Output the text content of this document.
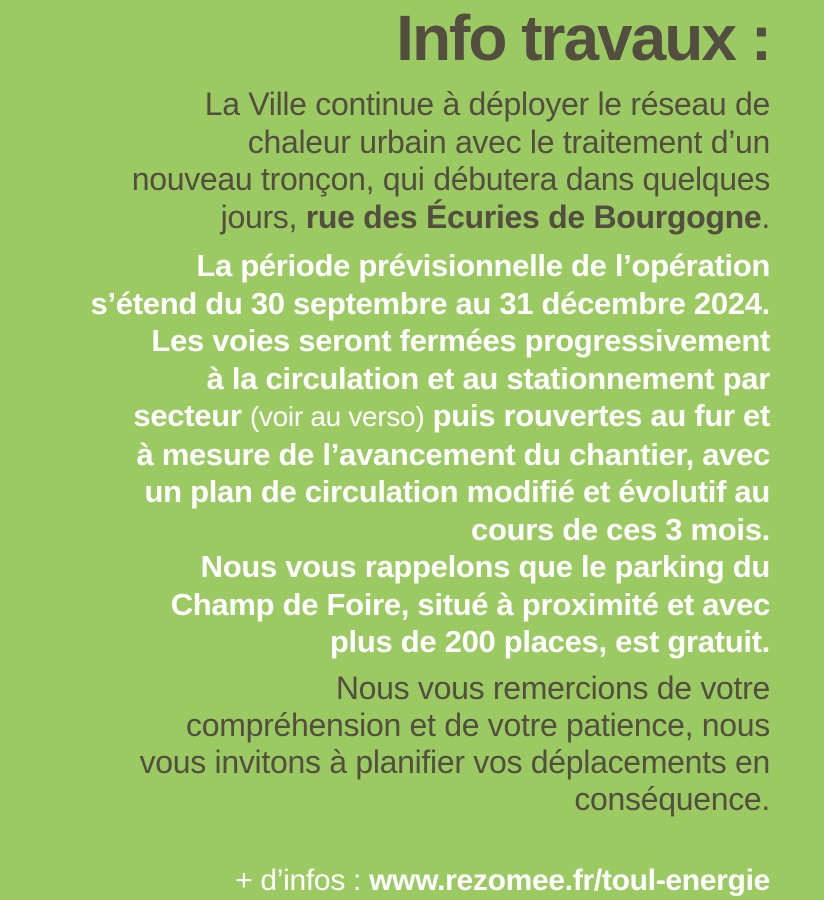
Info travaux :

La Ville continue à déployer le réseau de
chaleur urbain avec le traitement d’un
nouveau tronçon, qui débutera dans quelques
jours, rue des Écuries de Bourgogne.

La période prévisionnelle de l’opération
s’étend du 30 septembre au 31 décembre 2024.
Les voies seront fermées progressivement
à la circulation et au stationnement par
secteur (voir au verso) puis rouvertes au fur et
à mesure de l’avancement du chantier, avec
un plan de circulation modifié et évolutif au
cours de ces 3 mois.
Nous vous rappelons que le parking du
Champ de Foire, situé à proximité et avec
plus de 200 places, est gratuit.

Nous vous remercions de votre
compréhension et de votre patience, nous
vous invitons à planifier vos déplacements en
conséquence.

+ d’infos : www.rezomee.fr/toul-energie
